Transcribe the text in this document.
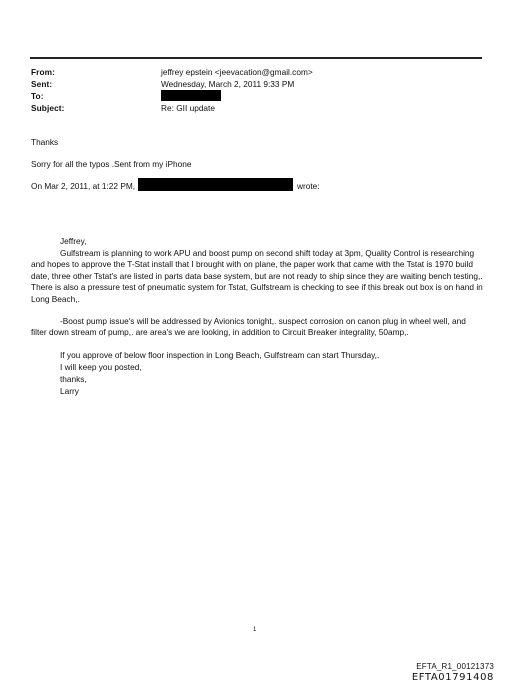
From:	jeffrey epstein <jeevacation@gmail.com>
Sent:	Wednesday, March 2, 2011 9:33 PM
To:
Subject:	Re: GII update
Thanks
Sorry for all the typos .Sent from my iPhone
On Mar 2, 2011, at 1:22 PM,	wrote:
Jeffrey,
Gulfstream is planning to work APU and boost pump on second shift today at 3pm, Quality Control is researching and hopes to approve the T-Stat install that I brought with on plane, the paper work that came with the Tstat is 1970 build date, three other Tstat's are listed in parts data base system, but are not ready to ship since they are waiting bench testing,. There is also a pressure test of pneumatic system for Tstat, Gulfstream is checking to see if this break out box is on hand in Long Beach,.
-Boost pump issue's will be addressed by Avionics tonight,. suspect corrosion on canon plug in wheel well, and filter down stream of pump,. are area's we are looking, in addition to Circuit Breaker integrality, 50amp,.
If you approve of below floor inspection in Long Beach, Gulfstream can start Thursday,.
I will keep you posted,
thanks,
Larry
1
EFTA_R1_00121373
EFTA01791408
